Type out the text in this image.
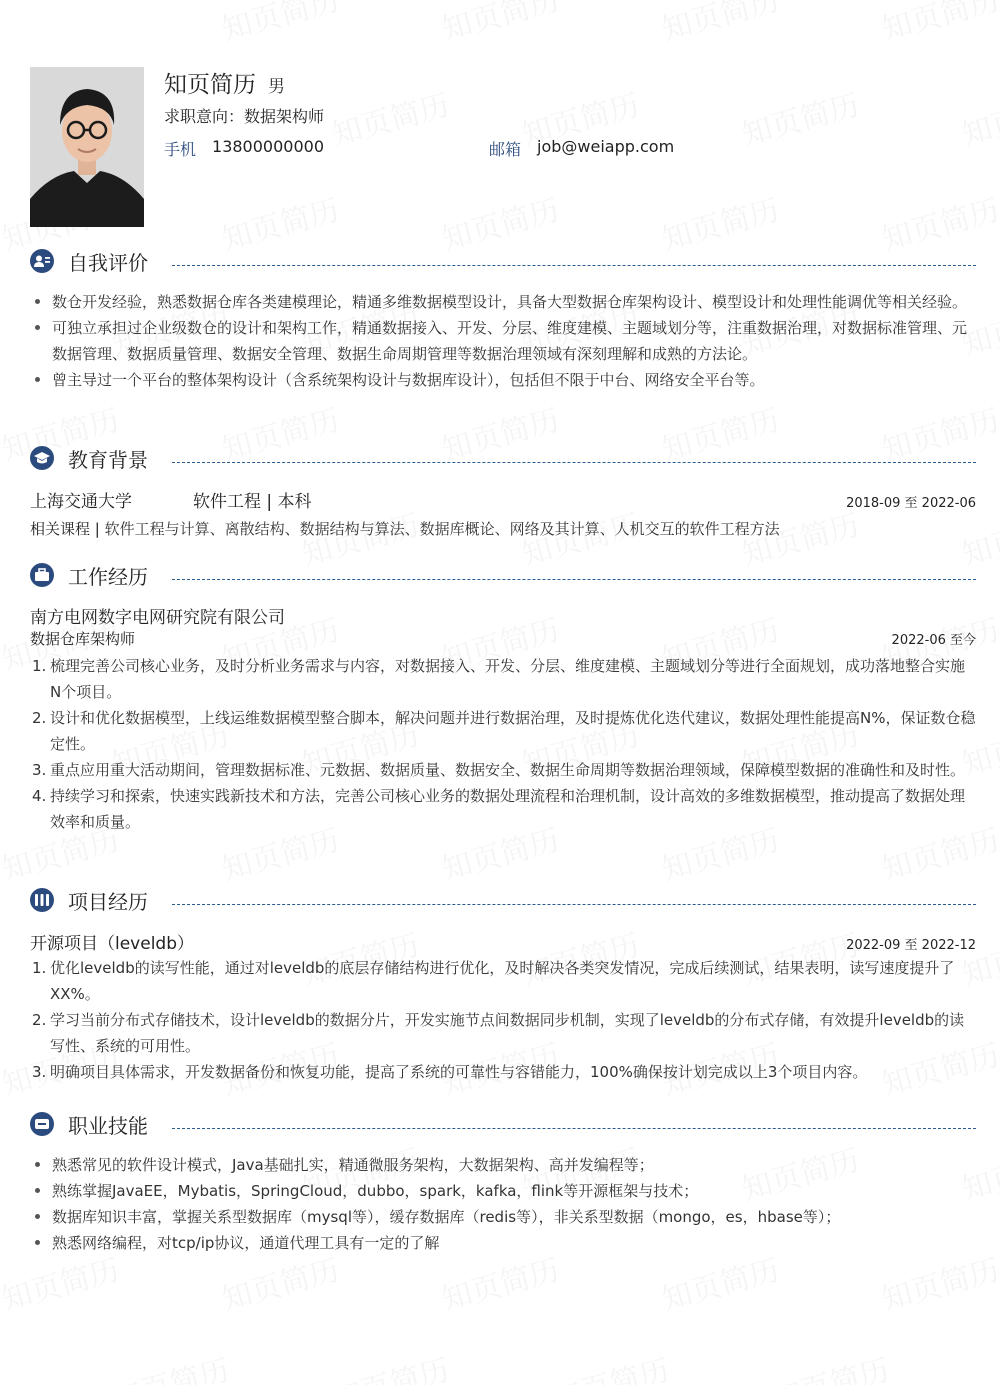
知页简历 男
求职意向：数据架构师
手机 13800000000	邮箱 job@weiapp.com
自我评价
数仓开发经验，熟悉数据仓库各类建模理论，精通多维数据模型设计，具备大型数据仓库架构设计、模型设计和处理性能调优等相关经验。
可独立承担过企业级数仓的设计和架构工作，精通数据接入、开发、分层、维度建模、主题域划分等，注重数据治理，对数据标准管理、元数据管理、数据质量管理、数据安全管理、数据生命周期管理等数据治理领域有深刻理解和成熟的方法论。
曾主导过一个平台的整体架构设计（含系统架构设计与数据库设计），包括但不限于中台、网络安全平台等。
教育背景
上海交通大学	软件工程 | 本科	2018-09 至 2022-06
相关课程 | 软件工程与计算、离散结构、数据结构与算法、数据库概论、网络及其计算、人机交互的软件工程方法
工作经历
南方电网数字电网研究院有限公司
数据仓库架构师	2022-06 至今
1. 梳理完善公司核心业务，及时分析业务需求与内容，对数据接入、开发、分层、维度建模、主题域划分等进行全面规划，成功落地整合实施N个项目。
2. 设计和优化数据模型，上线运维数据模型整合脚本，解决问题并进行数据治理，及时提炼优化迭代建议，数据处理性能提高N%，保证数仓稳定性。
3. 重点应用重大活动期间，管理数据标准、元数据、数据质量、数据安全、数据生命周期等数据治理领域，保障模型数据的准确性和及时性。
4. 持续学习和探索，快速实践新技术和方法，完善公司核心业务的数据处理流程和治理机制，设计高效的多维数据模型，推动提高了数据处理效率和质量。
项目经历
开源项目（leveldb）	2022-09 至 2022-12
1. 优化leveldb的读写性能，通过对leveldb的底层存储结构进行优化，及时解决各类突发情况，完成后续测试，结果表明，读写速度提升了XX%。
2. 学习当前分布式存储技术，设计leveldb的数据分片，开发实施节点间数据同步机制，实现了leveldb的分布式存储，有效提升leveldb的读写性、系统的可用性。
3. 明确项目具体需求，开发数据备份和恢复功能，提高了系统的可靠性与容错能力，100%确保按计划完成以上3个项目内容。
职业技能
熟悉常见的软件设计模式，Java基础扎实，精通微服务架构，大数据架构、高并发编程等；
熟练掌握JavaEE，Mybatis，SpringCloud，dubbo，spark，kafka，flink等开源框架与技术；
数据库知识丰富，掌握关系型数据库（mysql等），缓存数据库（redis等），非关系型数据（mongo，es，hbase等）；
熟悉网络编程，对tcp/ip协议，通道代理工具有一定的了解
